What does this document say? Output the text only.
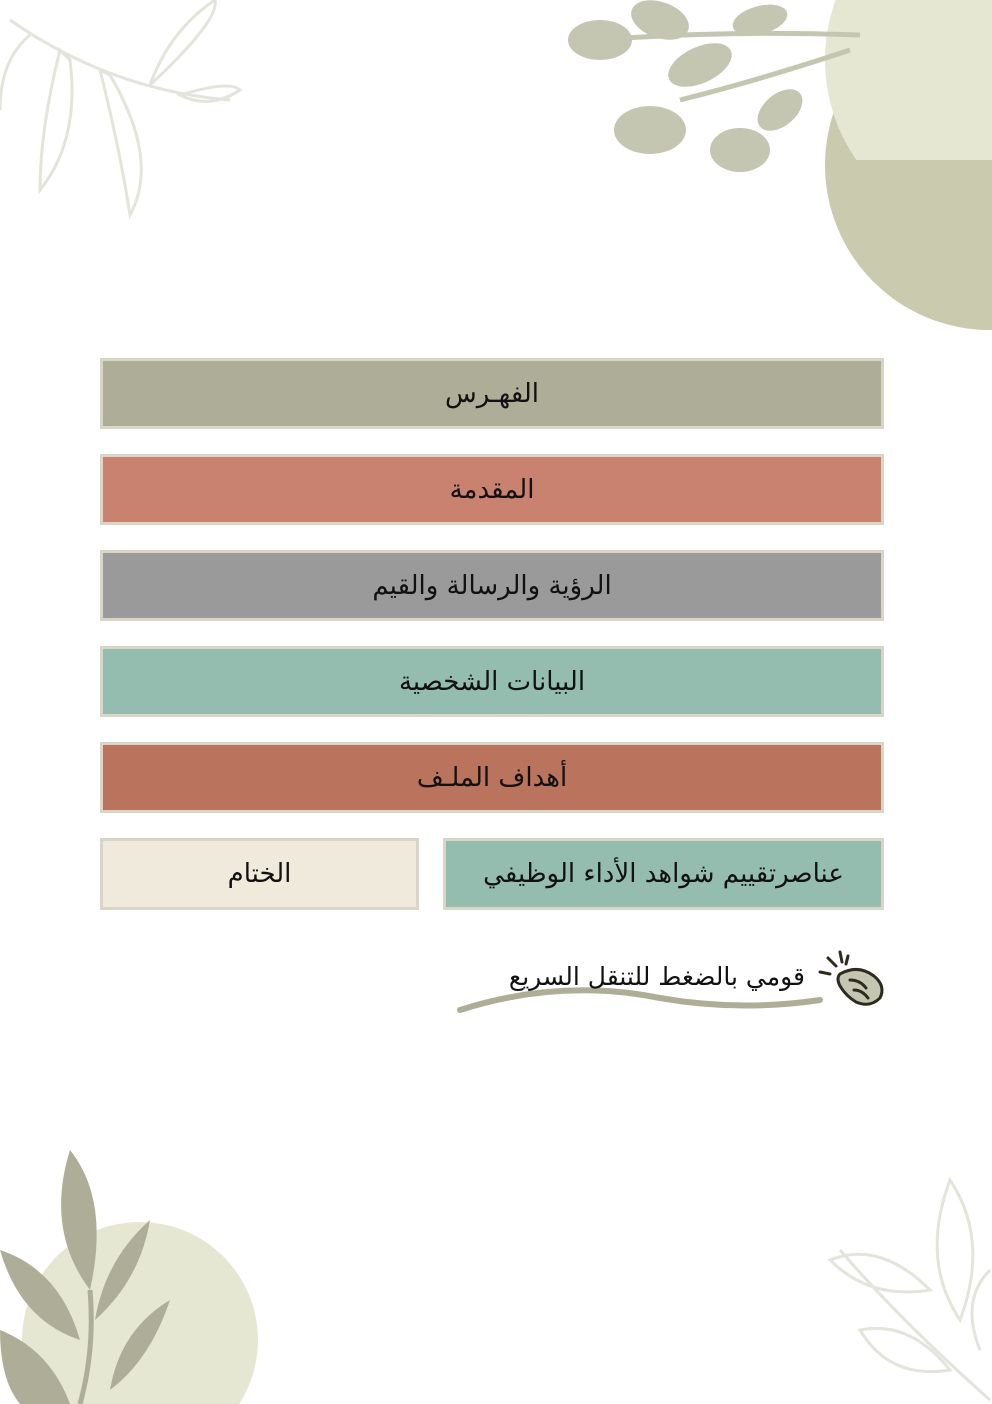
الفهـرس
المقدمة
الرؤية والرسالة والقيم
البيانات الشخصية
أهداف الملـف
عناصرتقييم شواهد الأداء الوظيفي
الختام
قومي بالضغط للتنقل السريع
